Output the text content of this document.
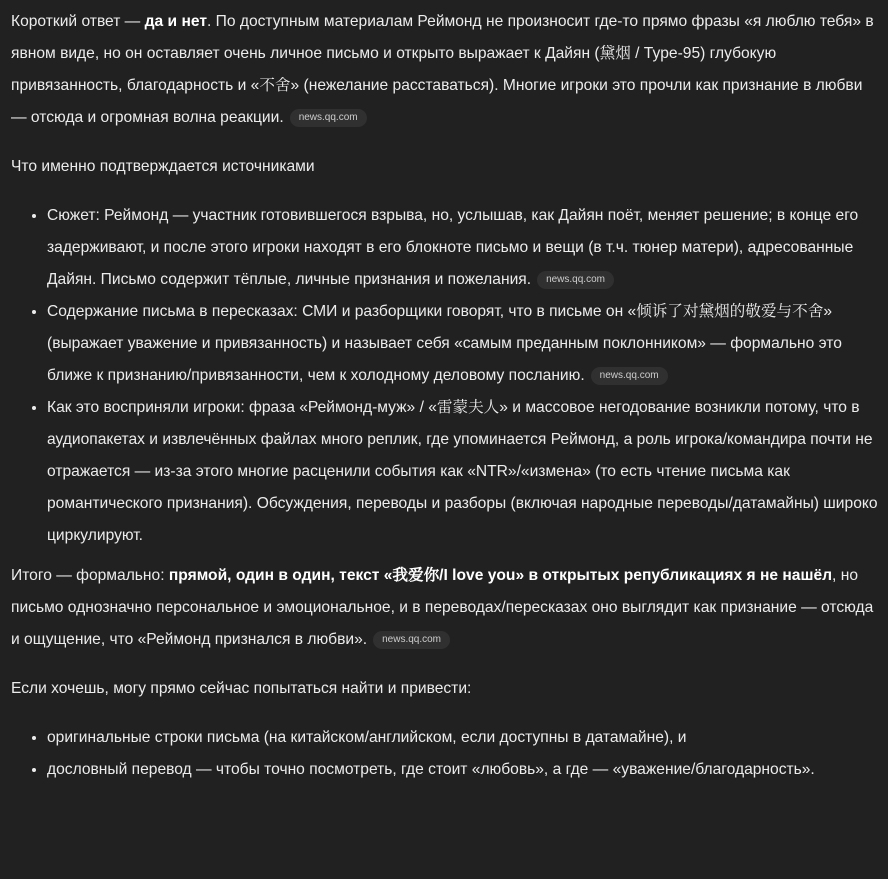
Короткий ответ — да и нет. По доступным материалам Реймонд не произносит где-то прямо фразы «я люблю тебя» в явном виде, но он оставляет очень личное письмо и открыто выражает к Дайян (黛烟 / Type-95) глубокую привязанность, благодарность и «不舍» (нежелание расставаться). Многие игроки это прочли как признание в любви — отсюда и огромная волна реакции. news.qq.com

Что именно подтверждается источниками

• Сюжет: Реймонд — участник готовившегося взрыва, но, услышав, как Дайян поёт, меняет решение; в конце его задерживают, и после этого игроки находят в его блокноте письмо и вещи (в т.ч. тюнер матери), адресованные Дайян. Письмо содержит тёплые, личные признания и пожелания. news.qq.com
• Содержание письма в пересказах: СМИ и разборщики говорят, что в письме он «倾诉了对黛烟的敬爱与不舍» (выражает уважение и привязанность) и называет себя «самым преданным поклонником» — формально это ближе к признанию/привязанности, чем к холодному деловому посланию. news.qq.com
• Как это восприняли игроки: фраза «Реймонд-муж» / «雷蒙夫人» и массовое негодование возникли потому, что в аудиопакетах и извлечённых файлах много реплик, где упоминается Реймонд, а роль игрока/командира почти не отражается — из-за этого многие расценили события как «NTR»/«измена» (то есть чтение письма как романтического признания). Обсуждения, переводы и разборы (включая народные переводы/датамайны) широко циркулируют.

Итого — формально: прямой, один в один, текст «我爱你/I love you» в открытых републикациях я не нашёл, но письмо однозначно персональное и эмоциональное, и в переводах/пересказах оно выглядит как признание — отсюда и ощущение, что «Реймонд признался в любви». news.qq.com

Если хочешь, могу прямо сейчас попытаться найти и привести:

• оригинальные строки письма (на китайском/английском, если доступны в датамайне), и
• дословный перевод — чтобы точно посмотреть, где стоит «любовь», а где — «уважение/благодарность».
